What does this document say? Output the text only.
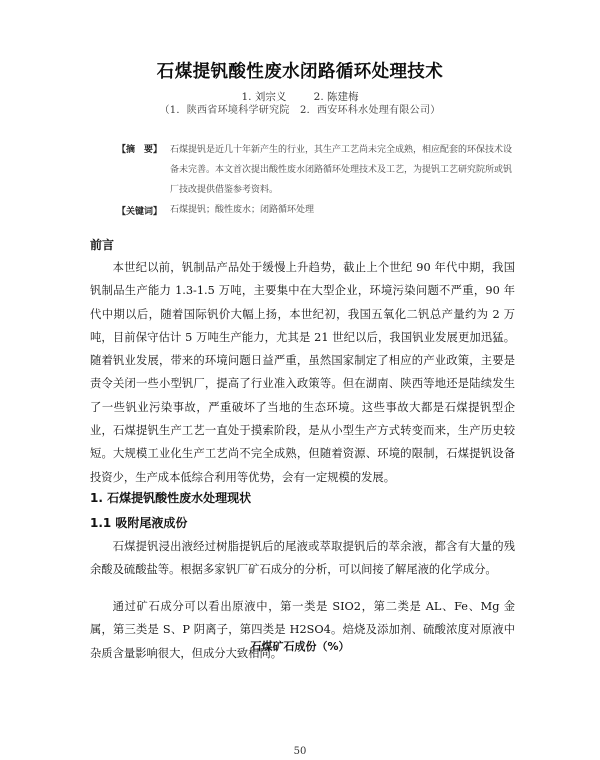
石煤提钒酸性废水闭路循环处理技术
1. 刘宗义	2. 陈建梅
（1．陕西省环境科学研究院　2．西安环科水处理有限公司）
【摘　要】 石煤提钒是近几十年新产生的行业，其生产工艺尚未完全成熟，相应配套的环保技术设备未完善。本文首次提出酸性废水闭路循环处理技术及工艺，为提钒工艺研究院所或钒厂技改提供借鉴参考资料。
【关键词】 石煤提钒；酸性废水；闭路循环处理
前言
本世纪以前，钒制品产品处于缓慢上升趋势，截止上个世纪 90 年代中期，我国钒制品生产能力 1.3-1.5 万吨，主要集中在大型企业，环境污染问题不严重，90 年代中期以后，随着国际钒价大幅上扬，本世纪初，我国五氧化二钒总产量约为 2 万吨，目前保守估计 5 万吨生产能力，尤其是 21 世纪以后，我国钒业发展更加迅猛。随着钒业发展，带来的环境问题日益严重，虽然国家制定了相应的产业政策，主要是责令关闭一些小型钒厂，提高了行业准入政策等。但在湖南、陕西等地还是陆续发生了一些钒业污染事故，严重破坏了当地的生态环境。这些事故大都是石煤提钒型企业，石煤提钒生产工艺一直处于摸索阶段，是从小型生产方式转变而来，生产历史较短。大规模工业化生产工艺尚不完全成熟，但随着资源、环境的限制，石煤提钒设备投资少，生产成本低综合利用等优势，会有一定规模的发展。
1. 石煤提钒酸性废水处理现状
1.1 吸附尾液成份
石煤提钒浸出液经过树脂提钒后的尾液或萃取提钒后的萃余液，都含有大量的残余酸及硫酸盐等。根据多家钒厂矿石成分的分析，可以间接了解尾液的化学成分。
通过矿石成分可以看出原液中，第一类是 SIO2，第二类是 AL、Fe、Mg 金属，第三类是 S、P 阴离子，第四类是 H2SO4。焙烧及添加剂、硫酸浓度对原液中杂质含量影响很大，但成分大致相同。
石煤矿石成份（%）
50
